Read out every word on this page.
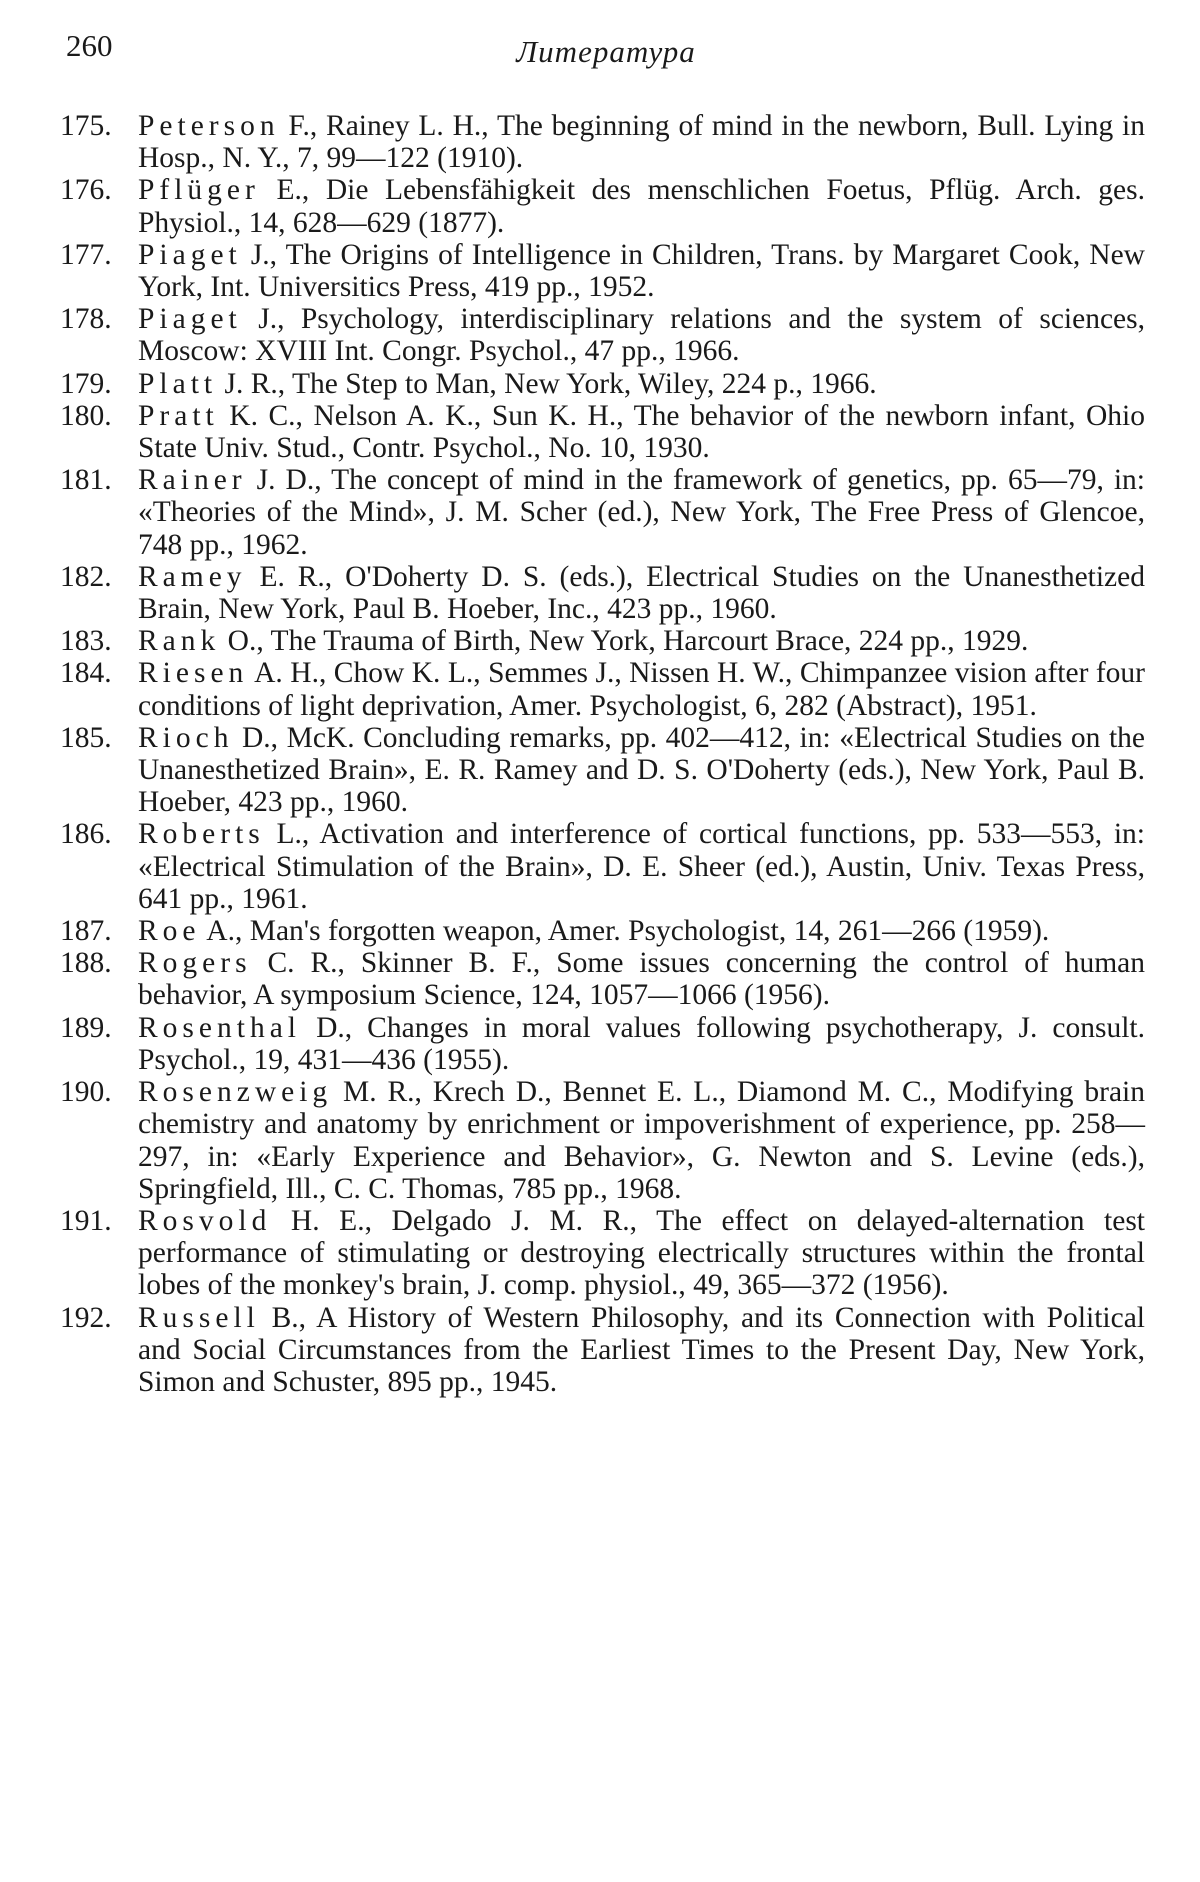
260	Литература
175. Peterson F., Rainey L. H., The beginning of mind in the newborn, Bull. Lying in Hosp., N. Y., 7, 99—122 (1910).
176. Pflüger E., Die Lebensfähigkeit des menschlichen Foetus, Pflüg. Arch. ges. Physiol., 14, 628—629 (1877).
177. Piaget J., The Origins of Intelligence in Children, Trans. by Margaret Cook, New York, Int. Universitics Press, 419 pp., 1952.
178. Piaget J., Psychology, interdisciplinary relations and the system of sciences, Moscow: XVIII Int. Congr. Psychol., 47 pp., 1966.
179. Platt J. R., The Step to Man, New York, Wiley, 224 p., 1966.
180. Pratt K. C., Nelson A. K., Sun K. H., The behavior of the newborn infant, Ohio State Univ. Stud., Contr. Psychol., No. 10, 1930.
181. Rainer J. D., The concept of mind in the framework of genetics, pp. 65—79, in: «Theories of the Mind», J. M. Scher (ed.), New York, The Free Press of Glencoe, 748 pp., 1962.
182. Ramey E. R., O'Doherty D. S. (eds.), Electrical Studies on the Unanesthetized Brain, New York, Paul B. Hoeber, Inc., 423 pp., 1960.
183. Rank O., The Trauma of Birth, New York, Harcourt Brace, 224 pp., 1929.
184. Riesen A. H., Chow K. L., Semmes J., Nissen H. W., Chimpanzee vision after four conditions of light deprivation, Amer. Psychologist, 6, 282 (Abstract), 1951.
185. Rioch D., McK. Concluding remarks, pp. 402—412, in: «Electrical Studies on the Unanesthetized Brain», E. R. Ramey and D. S. O'Doherty (eds.), New York, Paul B. Hoeber, 423 pp., 1960.
186. Roberts L., Activation and interference of cortical functions, pp. 533—553, in: «Electrical Stimulation of the Brain», D. E. Sheer (ed.), Austin, Univ. Texas Press, 641 pp., 1961.
187. Roe A., Man's forgotten weapon, Amer. Psychologist, 14, 261—266 (1959).
188. Rogers C. R., Skinner B. F., Some issues concerning the control of human behavior, A symposium Science, 124, 1057—1066 (1956).
189. Rosenthal D., Changes in moral values following psychotherapy, J. consult. Psychol., 19, 431—436 (1955).
190. Rosenzweig M. R., Krech D., Bennet E. L., Diamond M. C., Modifying brain chemistry and anatomy by enrichment or impoverishment of experience, pp. 258—297, in: «Early Experience and Behavior», G. Newton and S. Levine (eds.), Springfield, Ill., C. C. Thomas, 785 pp., 1968.
191. Rosvold H. E., Delgado J. M. R., The effect on delayed-alternation test performance of stimulating or destroying electrically structures within the frontal lobes of the monkey's brain, J. comp. physiol., 49, 365—372 (1956).
192. Russell B., A History of Western Philosophy, and its Connection with Political and Social Circumstances from the Earliest Times to the Present Day, New York, Simon and Schuster, 895 pp., 1945.
